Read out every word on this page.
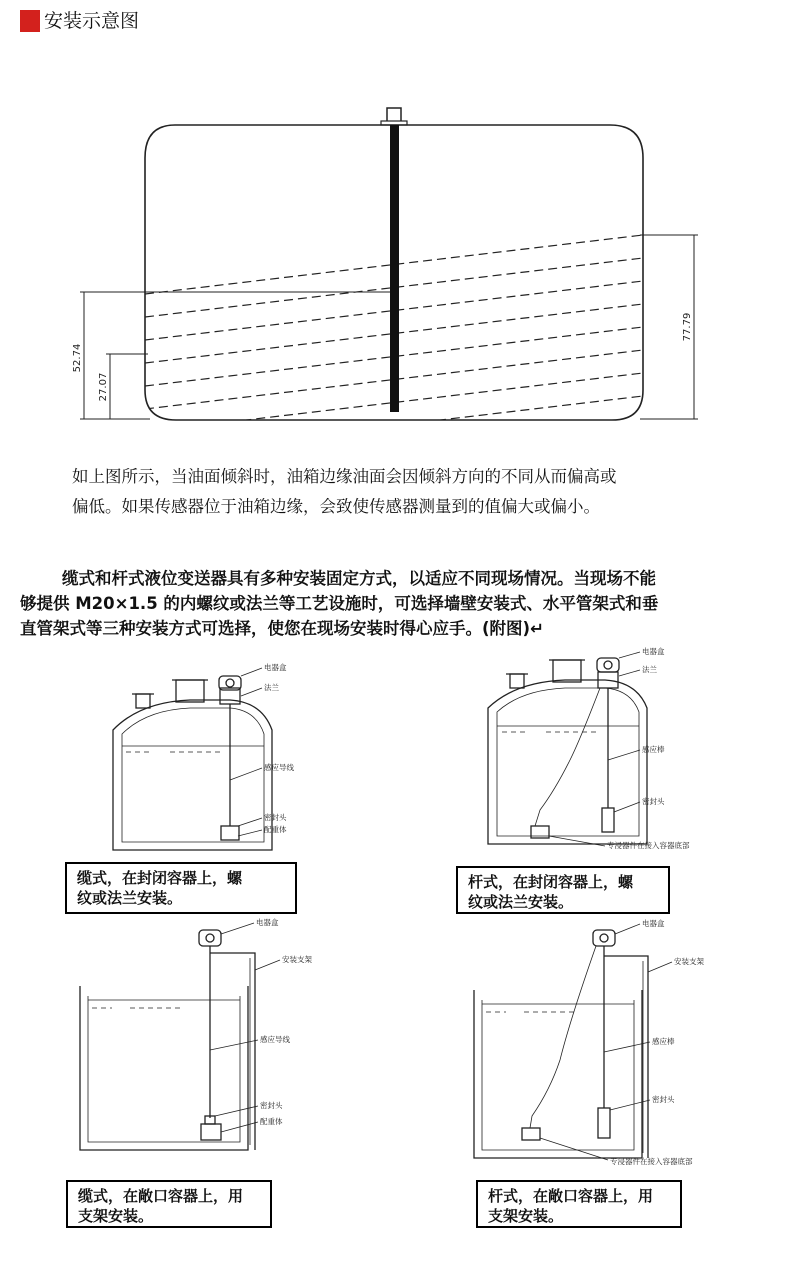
安装示意图
52.74
27.07
77.79
如上图所示，当油面倾斜时，油箱边缘油面会因倾斜方向的不同从而偏高或
偏低。如果传感器位于油箱边缘，会致使传感器测量到的值偏大或偏小。
缆式和杆式液位变送器具有多种安装固定方式，以适应不同现场情况。当现场不能
够提供 M20×1.5 的内螺纹或法兰等工艺设施时，可选择墙壁安装式、水平管架式和垂
直管架式等三种安装方式可选择，使您在现场安装时得心应手。(附图)↵
电器盒
法兰
感应导线
密封头
配重体
电器盒
法兰
感应棒
密封头
专浸器件在接入容器底部
电器盒
安装支架
感应导线
密封头
配重体
电器盒
安装支架
感应棒
密封头
专浸器件在接入容器底部
缆式，在封闭容器上，螺
纹或法兰安装。
杆式，在封闭容器上，螺
纹或法兰安装。
缆式，在敞口容器上，用
支架安装。
杆式，在敞口容器上，用
支架安装。
